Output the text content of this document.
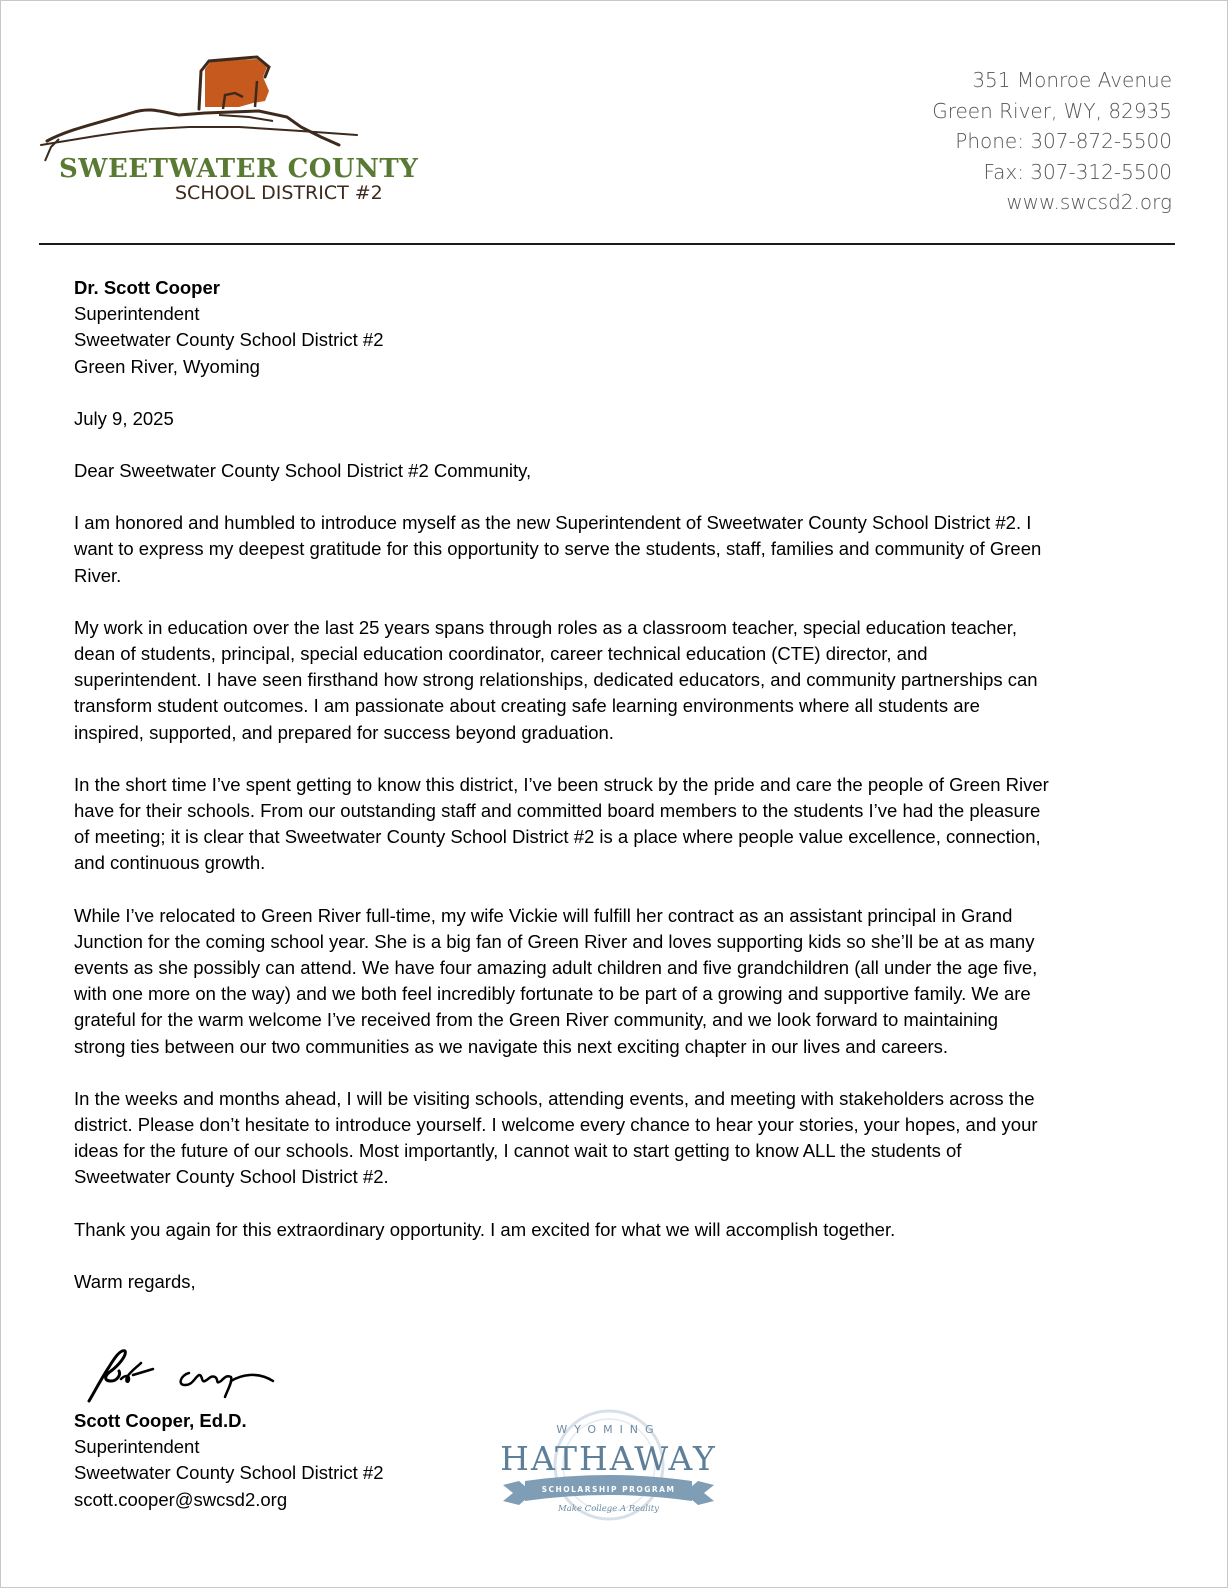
SWEETWATER COUNTY
SCHOOL DISTRICT #2
351 Monroe Avenue
Green River, WY, 82935
Phone: 307-872-5500
Fax: 307-312-5500
www.swcsd2.org
Dr. Scott Cooper
Superintendent
Sweetwater County School District #2
Green River, Wyoming

July 9, 2025

Dear Sweetwater County School District #2 Community,

I am honored and humbled to introduce myself as the new Superintendent of Sweetwater County School District #2. I want to express my deepest gratitude for this opportunity to serve the students, staff, families and community of Green River.

My work in education over the last 25 years spans through roles as a classroom teacher, special education teacher, dean of students, principal, special education coordinator, career technical education (CTE) director, and superintendent. I have seen firsthand how strong relationships, dedicated educators, and community partnerships can transform student outcomes. I am passionate about creating safe learning environments where all students are inspired, supported, and prepared for success beyond graduation.

In the short time I’ve spent getting to know this district, I’ve been struck by the pride and care the people of Green River have for their schools. From our outstanding staff and committed board members to the students I’ve had the pleasure of meeting; it is clear that Sweetwater County School District #2 is a place where people value excellence, connection, and continuous growth.

While I’ve relocated to Green River full-time, my wife Vickie will fulfill her contract as an assistant principal in Grand Junction for the coming school year. She is a big fan of Green River and loves supporting kids so she’ll be at as many events as she possibly can attend. We have four amazing adult children and five grandchildren (all under the age five, with one more on the way) and we both feel incredibly fortunate to be part of a growing and supportive family. We are grateful for the warm welcome I’ve received from the Green River community, and we look forward to maintaining strong ties between our two communities as we navigate this next exciting chapter in our lives and careers.

In the weeks and months ahead, I will be visiting schools, attending events, and meeting with stakeholders across the district. Please don’t hesitate to introduce yourself. I welcome every chance to hear your stories, your hopes, and your ideas for the future of our schools. Most importantly, I cannot wait to start getting to know ALL the students of Sweetwater County School District #2.

Thank you again for this extraordinary opportunity. I am excited for what we will accomplish together.

Warm regards,

Scott Cooper, Ed.D.
Superintendent
Sweetwater County School District #2
scott.cooper@swcsd2.org
WYOMING
HATHAWAY
SCHOLARSHIP PROGRAM
Make College A Reality
